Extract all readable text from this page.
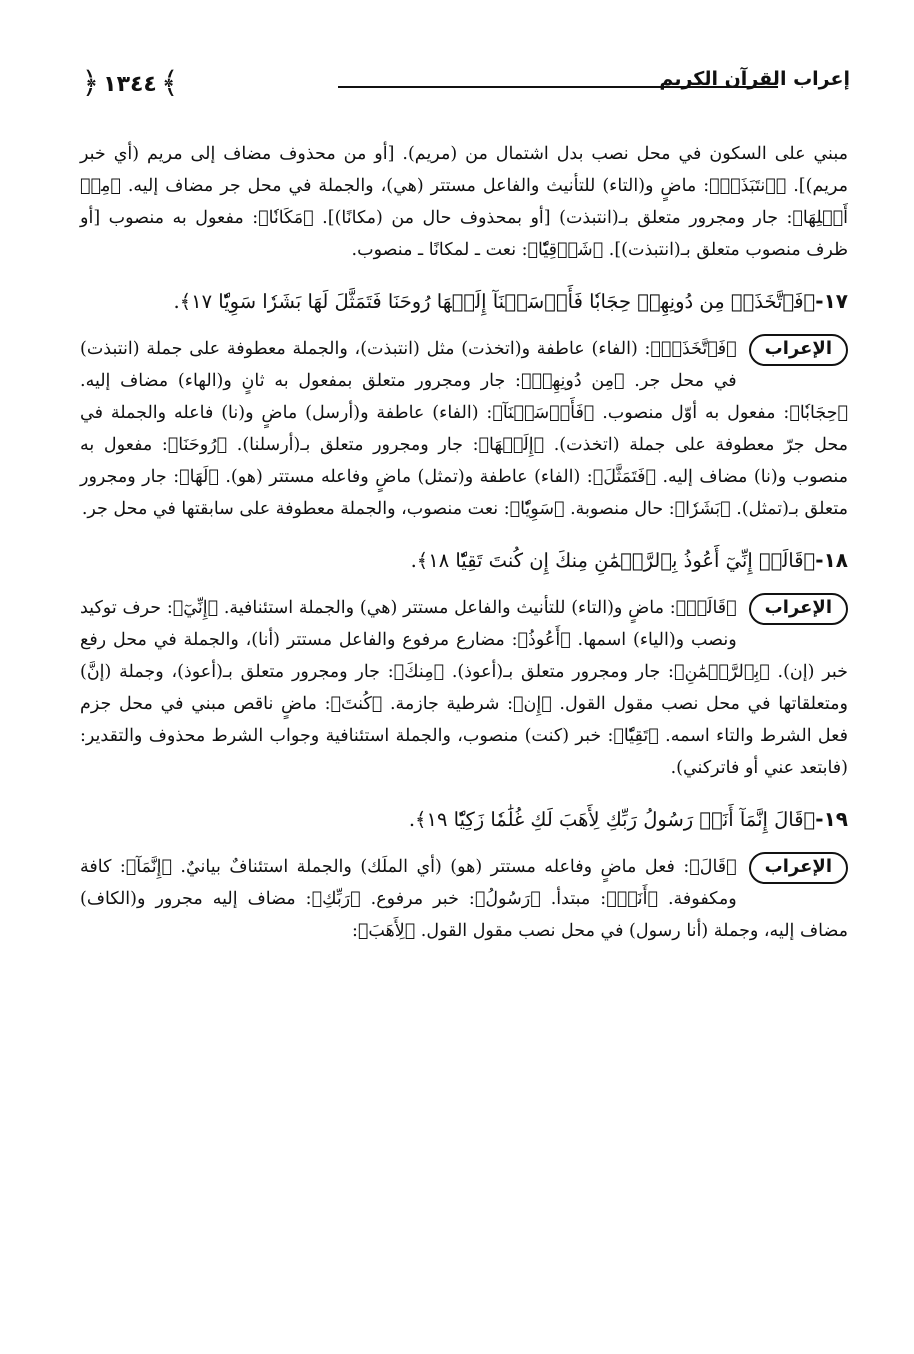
﴿ ١٣٤٤ ﴾	إعراب القرآن الكريم

مبني على السكون في محل نصب بدل اشتمال من (مريم). [أو من محذوف مضاف إلى مريم (أي خبر مريم)]. ﴿ٱنتَبَذَتۡ﴾: ماضٍ و(التاء) للتأنيث والفاعل مستتر (هي)، والجملة في محل جر مضاف إليه. ﴿مِنۡ أَهۡلِهَا﴾: جار ومجرور متعلق بـ(انتبذت) [أو بمحذوف حال من (مكانًا)]. ﴿مَكَانٗا﴾: مفعول به منصوب [أو ظرف منصوب متعلق بـ(انتبذت)]. ﴿شَرۡقِيّٗا﴾: نعت ـ لمكانًا ـ منصوب.

١٧-﴿فَٱتَّخَذَتۡ مِن دُونِهِمۡ حِجَابٗا فَأَرۡسَلۡنَآ إِلَيۡهَا رُوحَنَا فَتَمَثَّلَ لَهَا بَشَرٗا سَوِيّٗا ١٧﴾.

الإعراب
﴿فَٱتَّخَذَتۡ﴾: (الفاء) عاطفة و(اتخذت) مثل (انتبذت)، والجملة معطوفة على جملة (انتبذت) في محل جر. ﴿مِن دُونِهِمۡ﴾: جار ومجرور متعلق بمفعول به ثانٍ و(الهاء) مضاف إليه. ﴿حِجَابٗا﴾: مفعول به أوّل منصوب. ﴿فَأَرۡسَلۡنَآ﴾: (الفاء) عاطفة و(أرسل) ماضٍ و(نا) فاعله والجملة في محل جرّ معطوفة على جملة (اتخذت). ﴿إِلَيۡهَا﴾: جار ومجرور متعلق بـ(أرسلنا). ﴿رُوحَنَا﴾: مفعول به منصوب و(نا) مضاف إليه. ﴿فَتَمَثَّلَ﴾: (الفاء) عاطفة و(تمثل) ماضٍ وفاعله مستتر (هو). ﴿لَهَا﴾: جار ومجرور متعلق بـ(تمثل). ﴿بَشَرٗا﴾: حال منصوبة. ﴿سَوِيّٗا﴾: نعت منصوب، والجملة معطوفة على سابقتها في محل جر.

١٨-﴿قَالَتۡ إِنِّيٓ أَعُوذُ بِٱلرَّحۡمَٰنِ مِنكَ إِن كُنتَ تَقِيّٗا ١٨﴾.

الإعراب
﴿قَالَتۡ﴾: ماضٍ و(التاء) للتأنيث والفاعل مستتر (هي) والجملة استئنافية. ﴿إِنِّيٓ﴾: حرف توكيد ونصب و(الياء) اسمها. ﴿أَعُوذُ﴾: مضارع مرفوع والفاعل مستتر (أنا)، والجملة في محل رفع خبر (إن). ﴿بِٱلرَّحۡمَٰنِ﴾: جار ومجرور متعلق بـ(أعوذ). ﴿مِنكَ﴾: جار ومجرور متعلق بـ(أعوذ)، وجملة (إنَّ) ومتعلقاتها في محل نصب مقول القول. ﴿إِن﴾: شرطية جازمة. ﴿كُنتَ﴾: ماضٍ ناقص مبني في محل جزم فعل الشرط والتاء اسمه. ﴿تَقِيّٗا﴾: خبر (كنت) منصوب، والجملة استئنافية وجواب الشرط محذوف والتقدير: (فابتعد عني أو فاتركني).

١٩-﴿قَالَ إِنَّمَآ أَنَا۠ رَسُولُ رَبِّكِ لِأَهَبَ لَكِ غُلَٰمٗا زَكِيّٗا ١٩﴾.

الإعراب
﴿قَالَ﴾: فعل ماضٍ وفاعله مستتر (هو) (أي الملَك) والجملة استئنافٌ بيانيٌ. ﴿إِنَّمَآ﴾: كافة ومكفوفة. ﴿أَنَا۠﴾: مبتدأ. ﴿رَسُولُ﴾: خبر مرفوع. ﴿رَبِّكِ﴾: مضاف إليه مجرور و(الكاف) مضاف إليه، وجملة (أنا رسول) في محل نصب مقول القول. ﴿لِأَهَبَ﴾:
